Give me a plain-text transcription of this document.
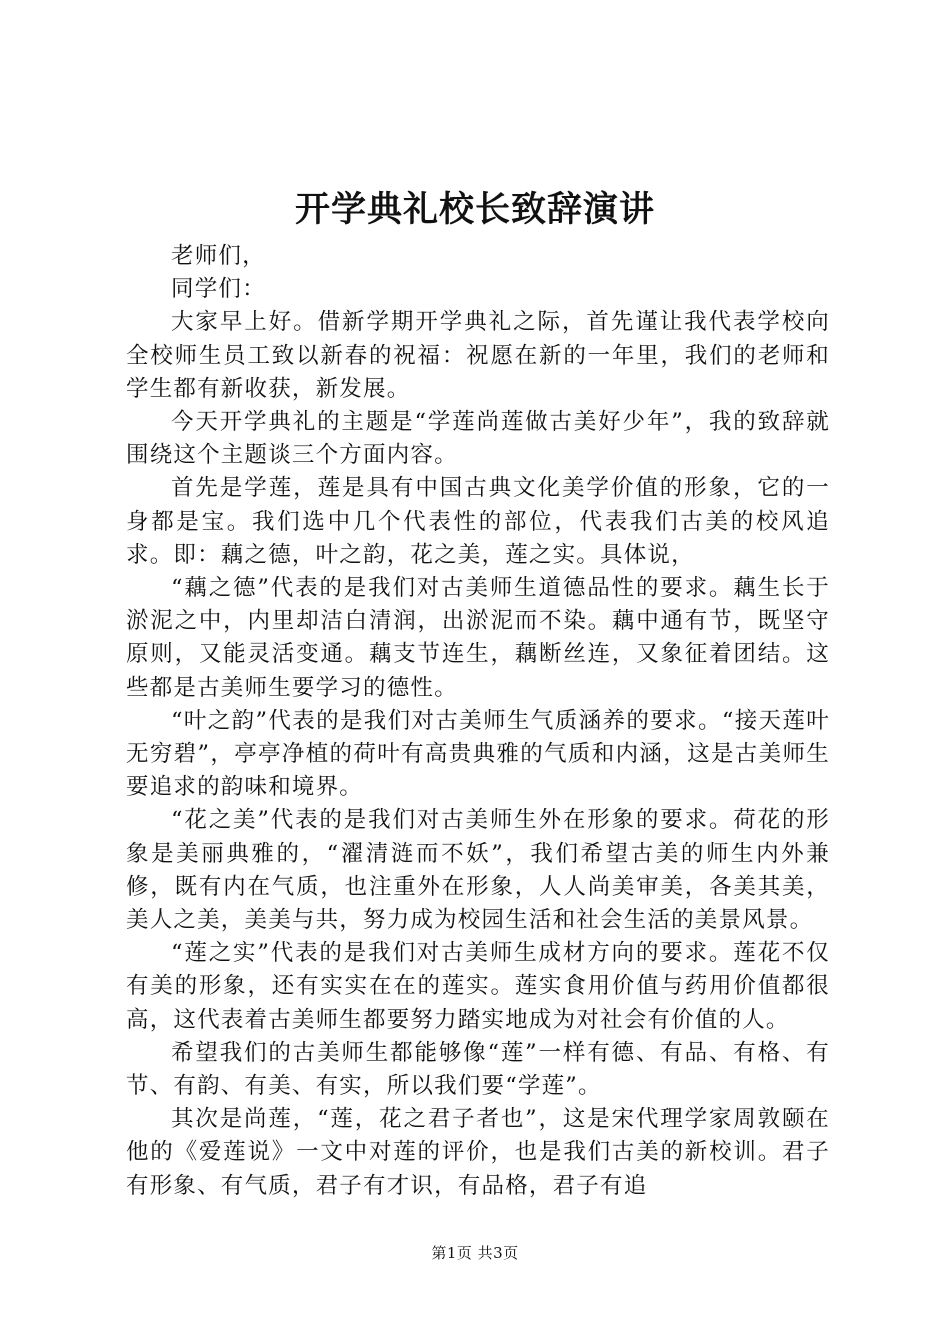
开学典礼校长致辞演讲

老师们，

同学们：

大家早上好。借新学期开学典礼之际，首先谨让我代表学校向全校师生员工致以新春的祝福：祝愿在新的一年里，我们的老师和学生都有新收获，新发展。

今天开学典礼的主题是“学莲尚莲做古美好少年”，我的致辞就围绕这个主题谈三个方面内容。

首先是学莲，莲是具有中国古典文化美学价值的形象，它的一身都是宝。我们选中几个代表性的部位，代表我们古美的校风追求。即：藕之德，叶之韵，花之美，莲之实。具体说，

“藕之德”代表的是我们对古美师生道德品性的要求。藕生长于淤泥之中，内里却洁白清润，出淤泥而不染。藕中通有节，既坚守原则，又能灵活变通。藕支节连生，藕断丝连，又象征着团结。这些都是古美师生要学习的德性。

“叶之韵”代表的是我们对古美师生气质涵养的要求。“接天莲叶无穷碧”，亭亭净植的荷叶有高贵典雅的气质和内涵，这是古美师生要追求的韵味和境界。

“花之美”代表的是我们对古美师生外在形象的要求。荷花的形象是美丽典雅的，“濯清涟而不妖”，我们希望古美的师生内外兼修，既有内在气质，也注重外在形象，人人尚美审美，各美其美，美人之美，美美与共，努力成为校园生活和社会生活的美景风景。

“莲之实”代表的是我们对古美师生成材方向的要求。莲花不仅有美的形象，还有实实在在的莲实。莲实食用价值与药用价值都很高，这代表着古美师生都要努力踏实地成为对社会有价值的人。

希望我们的古美师生都能够像“莲”一样有德、有品、有格、有节、有韵、有美、有实，所以我们要“学莲”。

其次是尚莲，“莲，花之君子者也”，这是宋代理学家周敦颐在他的《爱莲说》一文中对莲的评价，也是我们古美的新校训。君子有形象、有气质，君子有才识，有品格，君子有追

第1页 共3页
